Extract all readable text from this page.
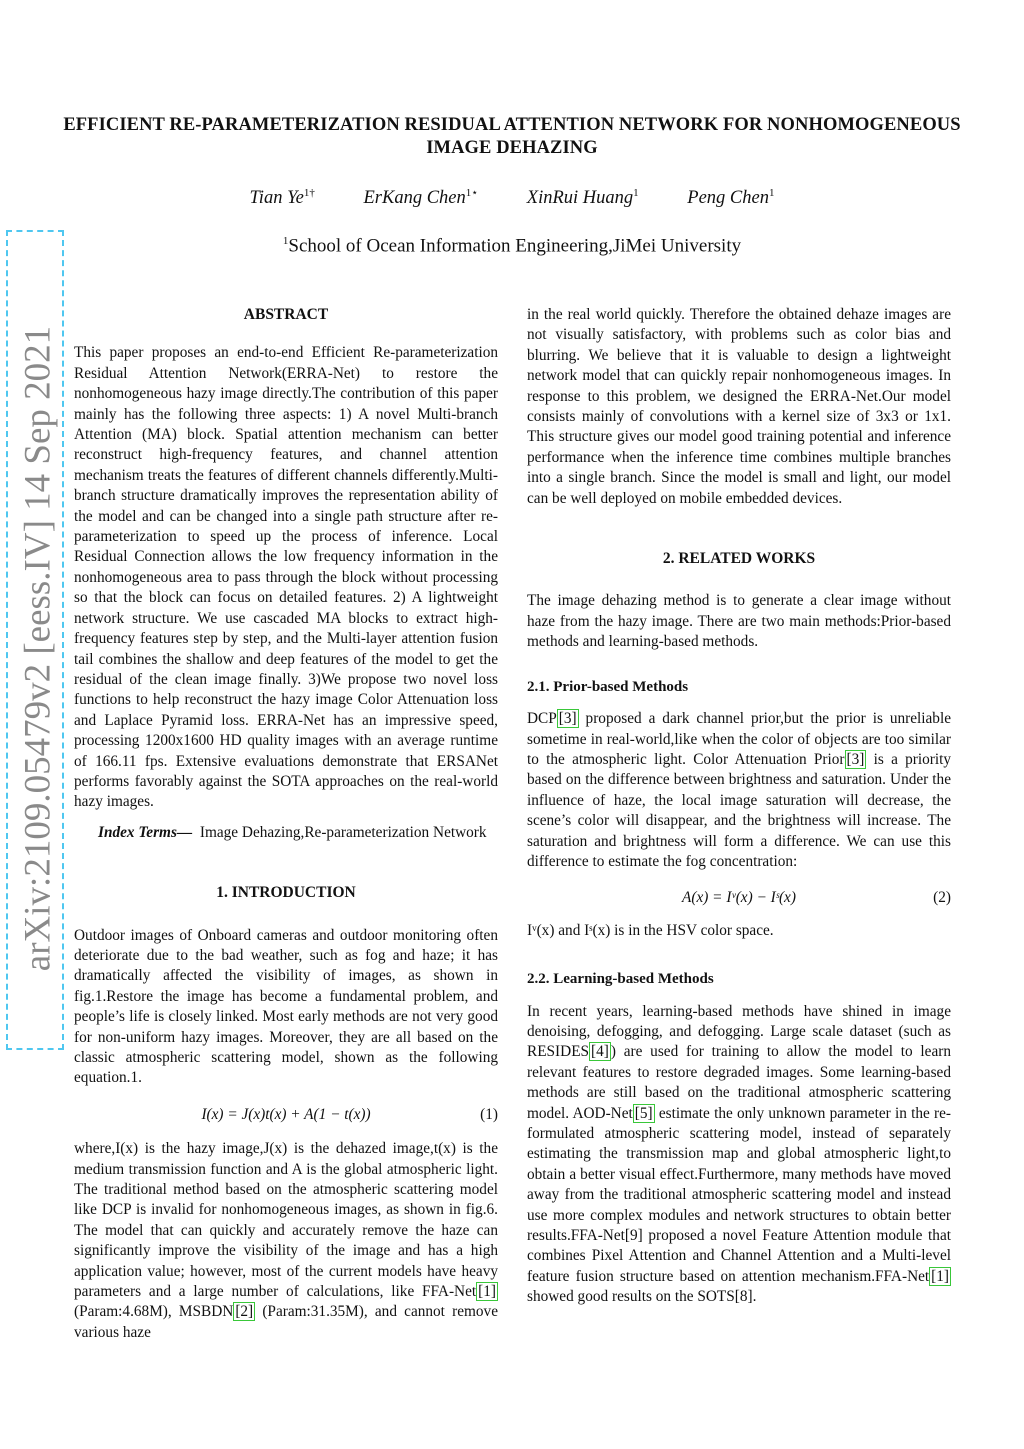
arXiv:2109.05479v2 [eess.IV] 14 Sep 2021
EFFICIENT RE-PARAMETERIZATION RESIDUAL ATTENTION NETWORK FOR NONHOMOGENEOUS IMAGE DEHAZING
Tian $Ye^{1\dagger}$	ErKang Chen$^{1⋆}$	XinRui Huang$^1$	Peng Chen$^1$
$^1$School of Ocean Information Engineering,JiMei University
ABSTRACT

This paper proposes an end-to-end Efficient Re-parameterization Residual Attention Network(ERRA-Net) to restore the nonhomogeneous hazy image directly.The contribution of this paper mainly has the following three aspects: 1) A novel Multi-branch Attention (MA) block. Spatial attention mechanism can better reconstruct high-frequency features, and channel attention mechanism treats the features of different channels differently.Multi-branch structure dramatically improves the representation ability of the model and can be changed into a single path structure after re-parameterization to speed up the process of inference. Local Residual Connection allows the low frequency information in the nonhomogeneous area to pass through the block without processing so that the block can focus on detailed features. 2) A lightweight network structure. We use cascaded MA blocks to extract high-frequency features step by step, and the Multi-layer attention fusion tail combines the shallow and deep features of the model to get the residual of the clean image finally. 3)We propose two novel loss functions to help reconstruct the hazy image Color Attenuation loss and Laplace Pyramid loss. ERRA-Net has an impressive speed, processing 1200x1600 HD quality images with an average runtime of 166.11 fps. Extensive evaluations demonstrate that ERSANet performs favorably against the SOTA approaches on the real-world hazy images.

Index Terms— Image Dehazing,Re-parameterization Network

1. INTRODUCTION

Outdoor images of Onboard cameras and outdoor monitoring often deteriorate due to the bad weather, such as fog and haze; it has dramatically affected the visibility of images, as shown in fig.1.Restore the image has become a fundamental problem, and people’s life is closely linked. Most early methods are not very good for non-uniform hazy images. Moreover, they are all based on the classic atmospheric scattering model, shown as the following equation.1.

I(x) = J(x)t(x) + A(1 − t(x))	(1)

where,I(x) is the hazy image,J(x) is the dehazed image,t(x) is the medium transmission function and A is the global atmospheric light. The traditional method based on the atmospheric scattering model like DCP is invalid for nonhomogeneous images, as shown in fig.6. The model that can quickly and accurately remove the haze can significantly improve the visibility of the image and has a high application value; however, most of the current models have heavy parameters and a large number of calculations, like FFA-Net [1](Param:4.68M), MSBDN [2] (Param:31.35M), and cannot remove various haze

in the real world quickly. Therefore the obtained dehaze images are not visually satisfactory, with problems such as color bias and blurring. We believe that it is valuable to design a lightweight network model that can quickly repair nonhomogeneous images. In response to this problem, we designed the ERRA-Net.Our model consists mainly of convolutions with a kernel size of 3x3 or 1x1. This structure gives our model good training potential and inference performance when the inference time combines multiple branches into a single branch. Since the model is small and light, our model can be well deployed on mobile embedded devices.

2. RELATED WORKS

The image dehazing method is to generate a clear image without haze from the hazy image. There are two main methods:Prior-based methods and learning-based methods.

2.1. Prior-based Methods

DCP [3] proposed a dark channel prior,but the prior is unreliable sometime in real-world,like when the color of objects are too similar to the atmospheric light. Color Attenuation Prior [3] is a priority based on the difference between brightness and saturation. Under the influence of haze, the local image saturation will decrease, the scene’s color will disappear, and the brightness will increase. The saturation and brightness will form a difference. We can use this difference to estimate the fog concentration:

A(x) = Iᵛ(x) − Iˢ(x)	(2)

Iᵛ(x) and Iˢ(x) is in the HSV color space.

2.2. Learning-based Methods

In recent years, learning-based methods have shined in image denoising, defogging, and defogging. Large scale dataset (such as RESIDES [4] ) are used for training to allow the model to learn relevant features to restore degraded images. Some learning-based methods are still based on the traditional atmospheric scattering model. AOD-Net [5] estimate the only unknown parameter in the re-formulated atmospheric scattering model, instead of separately estimating the transmission map and global atmospheric light,to obtain a better visual effect.Furthermore, many methods have moved away from the traditional atmospheric scattering model and instead use more complex modules and network structures to obtain better results.FFA-Net[9] proposed a novel Feature Attention module that combines Pixel Attention and Channel Attention and a Multi-level feature fusion structure based on attention mechanism.FFA-Net [1] showed good results on the SOTS[8].
